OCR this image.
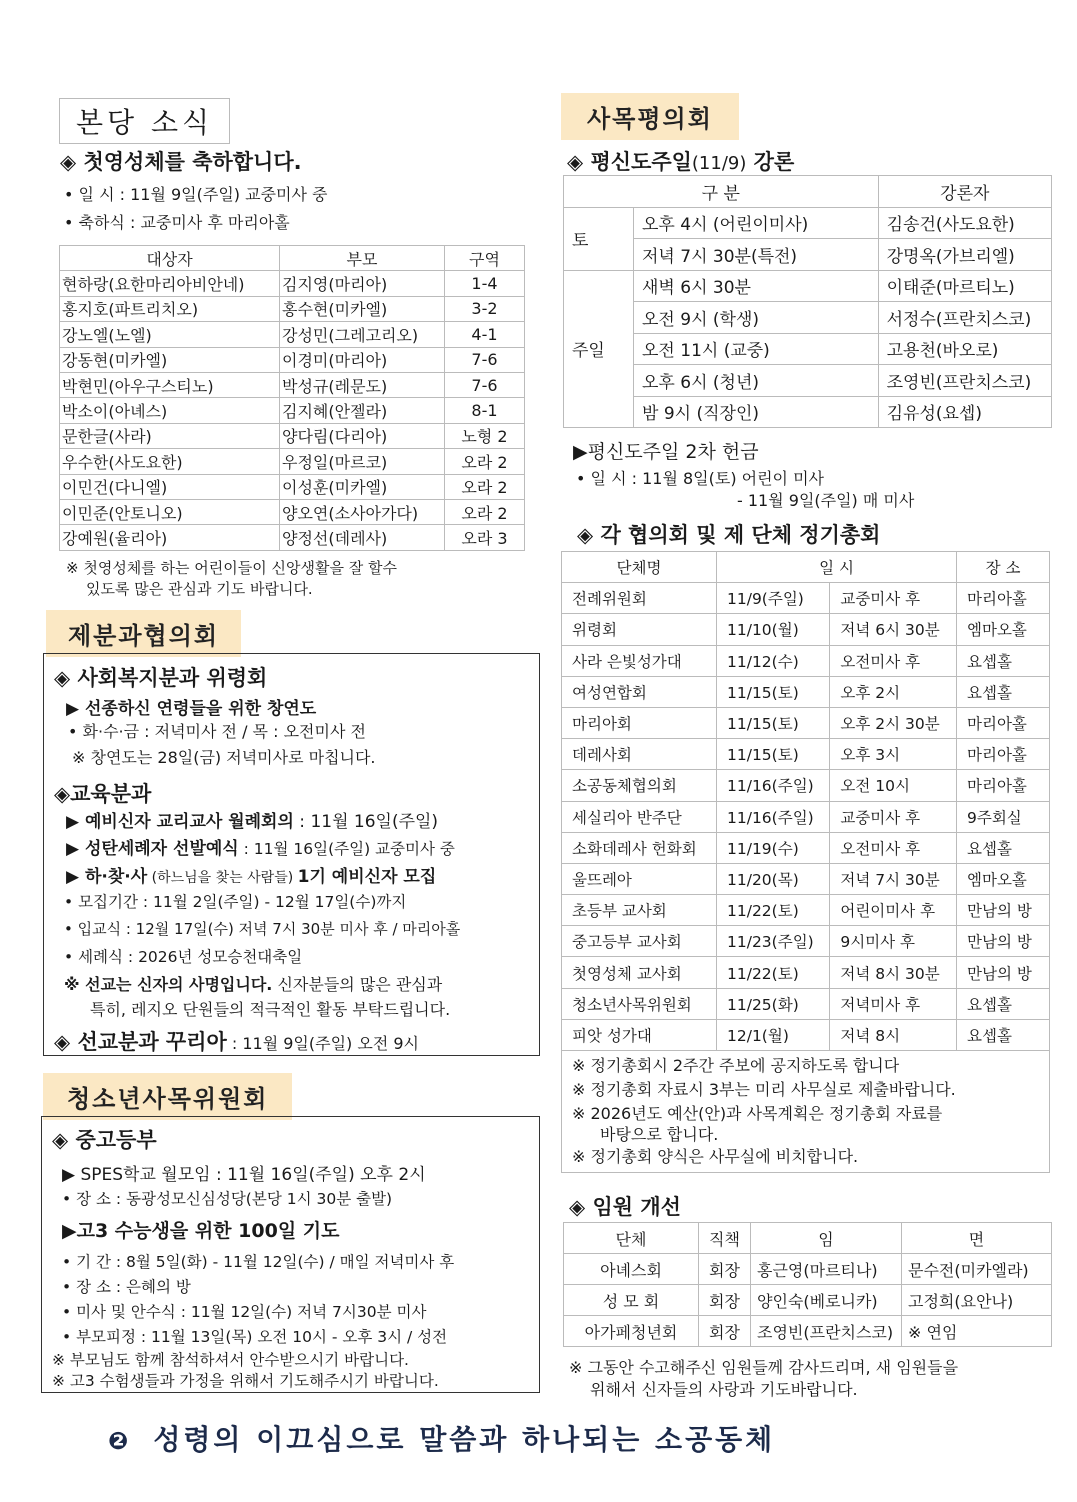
본당 소식
◈ 첫영성체를 축하합니다.
• 일 시 : 11월 9일(주일) 교중미사 중
• 축하식 : 교중미사 후 마리아홀
대상자	부모	구역
현하랑(요한마리아비안네)	김지영(마리아)	1-4
홍지호(파트리치오)	홍수현(미카엘)	3-2
강노엘(노엘)	강성민(그레고리오)	4-1
강동현(미카엘)	이경미(마리아)	7-6
박현민(아우구스티노)	박성규(레문도)	7-6
박소이(아녜스)	김지혜(안젤라)	8-1
문한글(사라)	양다림(다리아)	노형 2
우수한(사도요한)	우정일(마르코)	오라 2
이민건(다니엘)	이성훈(미카엘)	오라 2
이민준(안토니오)	양오연(소사아가다)	오라 2
강예원(율리아)	양정선(데레사)	오라 3
※ 첫영성체를 하는 어린이들이 신앙생활을 잘 할수
있도록 많은 관심과 기도 바랍니다.
제분과협의회
◈ 사회복지분과 위령회
▶ 선종하신 연령들을 위한 창연도
• 화·수·금 : 저녁미사 전 / 목 : 오전미사 전
※ 창연도는 28일(금) 저녁미사로 마칩니다.
◈교육분과
▶ 예비신자 교리교사 월례회의 : 11월 16일(주일)
▶ 성탄세례자 선발예식 : 11월 16일(주일) 교중미사 중
▶ 하·찾·사 (하느님을 찾는 사람들) 1기 예비신자 모집
• 모집기간 : 11월 2일(주일) - 12월 17일(수)까지
• 입교식 : 12월 17일(수) 저녁 7시 30분 미사 후 / 마리아홀
• 세례식 : 2026년 성모승천대축일
※ 선교는 신자의 사명입니다. 신자분들의 많은 관심과
특히, 레지오 단원들의 적극적인 활동 부탁드립니다.
◈ 선교분과 꾸리아 : 11월 9일(주일) 오전 9시
청소년사목위원회
◈ 중고등부
▶ SPES학교 월모임 : 11월 16일(주일) 오후 2시
• 장 소 : 동광성모신심성당(본당 1시 30분 출발)
▶고3 수능생을 위한 100일 기도
• 기 간 : 8월 5일(화) - 11월 12일(수) / 매일 저녁미사 후
• 장 소 : 은혜의 방
• 미사 및 안수식 : 11월 12일(수) 저녁 7시30분 미사
• 부모피정 : 11월 13일(목) 오전 10시 - 오후 3시 / 성전
※ 부모님도 함께 참석하셔서 안수받으시기 바랍니다.
※ 고3 수험생들과 가정을 위해서 기도해주시기 바랍니다.
사목평의회
◈ 평신도주일(11/9) 강론
구 분		강론자
토	오후 4시 (어린이미사)	김송건(사도요한)
	저녁 7시 30분(특전)	강명옥(가브리엘)
주일	새벽 6시 30분	이태준(마르티노)
	오전 9시 (학생)	서정수(프란치스코)
	오전 11시 (교중)	고용천(바오로)
	오후 6시 (청년)	조영빈(프란치스코)
	밤 9시 (직장인)	김유성(요셉)
▶평신도주일 2차 헌금
• 일 시 : 11월 8일(토) 어린이 미사
- 11월 9일(주일) 매 미사
◈ 각 협의회 및 제 단체 정기총회
단체명	일 시		장 소
전례위원회	11/9(주일)	교중미사 후	마리아홀
위령회	11/10(월)	저녁 6시 30분	엠마오홀
사라 은빛성가대	11/12(수)	오전미사 후	요셉홀
여성연합회	11/15(토)	오후 2시	요셉홀
마리아회	11/15(토)	오후 2시 30분	마리아홀
데레사회	11/15(토)	오후 3시	마리아홀
소공동체협의회	11/16(주일)	오전 10시	마리아홀
세실리아 반주단	11/16(주일)	교중미사 후	9주회실
소화데레사 헌화회	11/19(수)	오전미사 후	요셉홀
울뜨레아	11/20(목)	저녁 7시 30분	엠마오홀
초등부 교사회	11/22(토)	어린이미사 후	만남의 방
중고등부 교사회	11/23(주일)	9시미사 후	만남의 방
첫영성체 교사회	11/22(토)	저녁 8시 30분	만남의 방
청소년사목위원회	11/25(화)	저녁미사 후	요셉홀
피앗 성가대	12/1(월)	저녁 8시	요셉홀
※ 정기총회시 2주간 주보에 공지하도록 합니다
※ 정기총회 자료시 3부는 미리 사무실로 제출바랍니다.
※ 2026년도 예산(안)과 사목계획은 정기총회 자료를
바탕으로 합니다.
※ 정기총회 양식은 사무실에 비치합니다.
◈ 임원 개선
단체	직책	임	면
아녜스회	회장	홍근영(마르티나)	문수전(미카엘라)
성 모 회	회장	양인숙(베로니카)	고정희(요안나)
아가페청년회	회장	조영빈(프란치스코)	※ 연임
※ 그동안 수고해주신 임원들께 감사드리며, 새 임원들을
위해서 신자들의 사랑과 기도바랍니다.
❷ 성령의 이끄심으로 말씀과 하나되는 소공동체
